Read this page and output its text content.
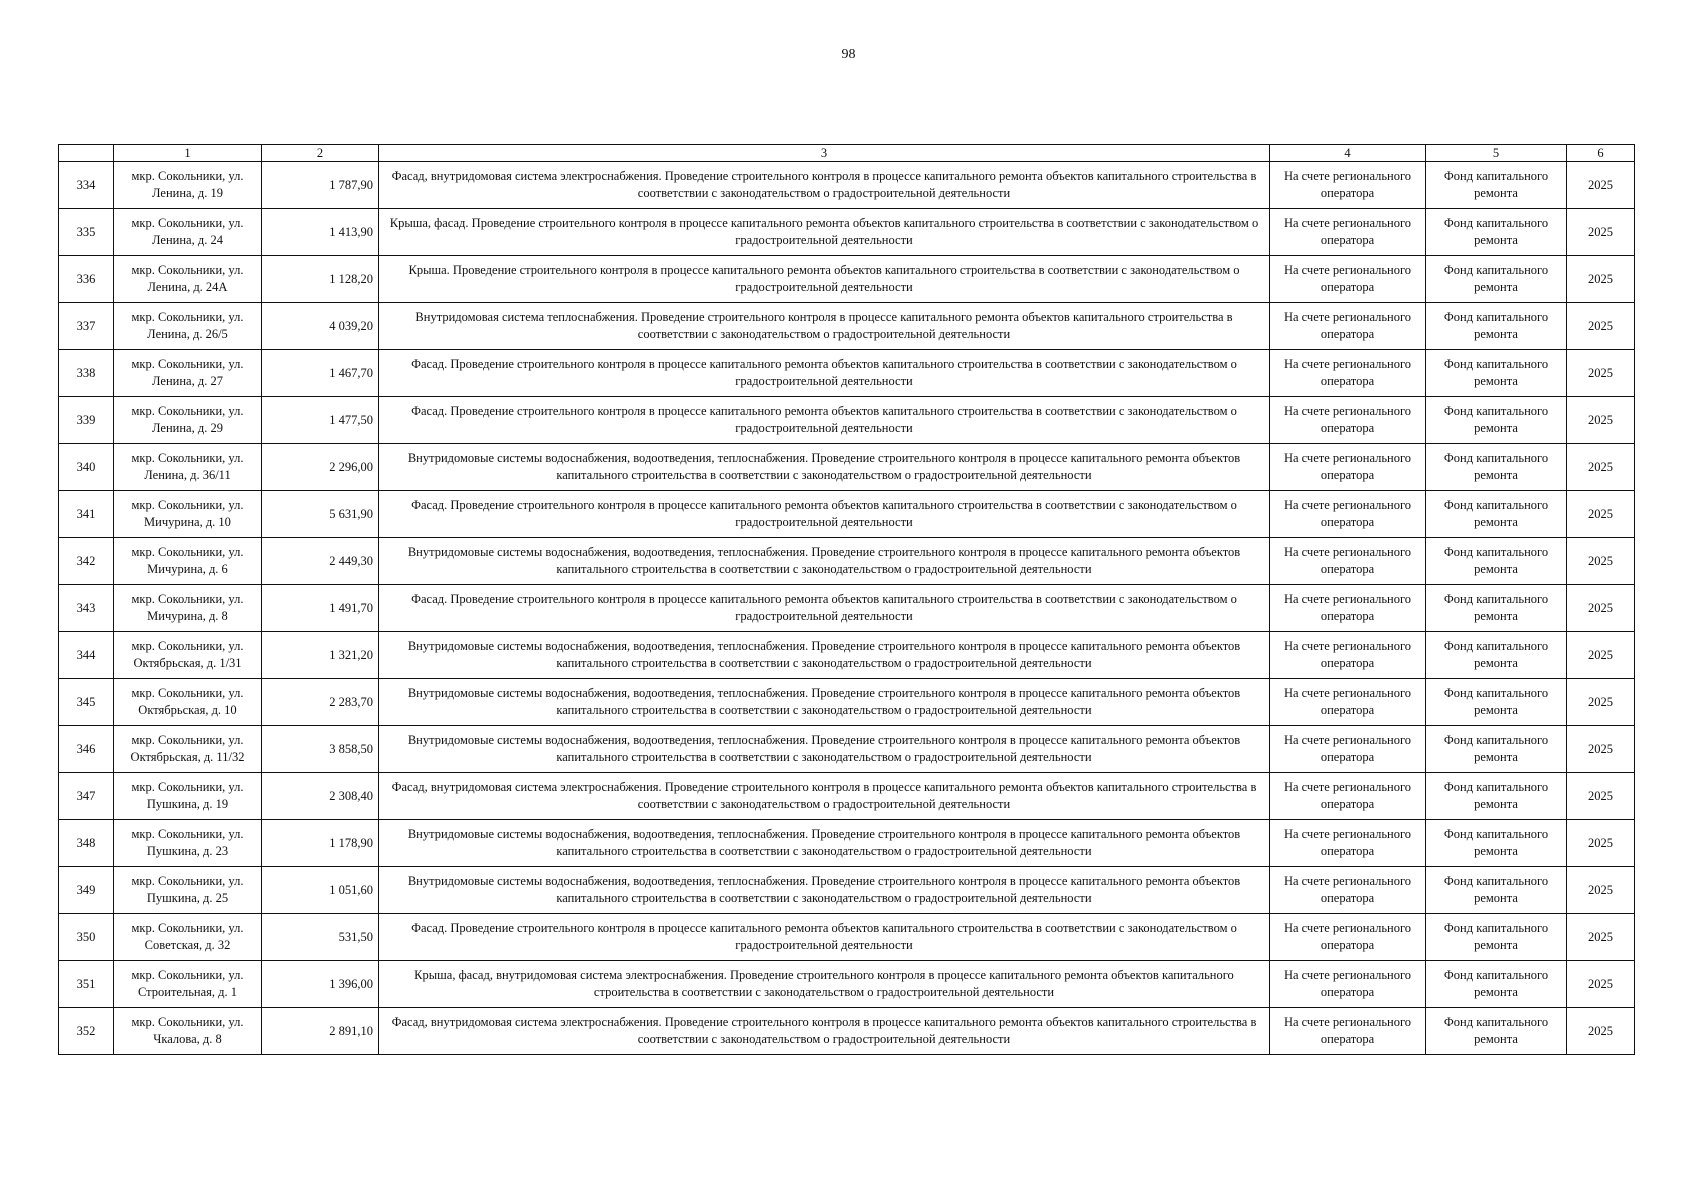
98
	1	2	3	4	5	6
334	мкр. Сокольники, ул. Ленина, д. 19	1 787,90	Фасад, внутридомовая система электроснабжения. Проведение строительного контроля в процессе капитального ремонта объектов капитального строительства в соответствии с законодательством о градостроительной деятельности	На счете регионального оператора	Фонд капитального ремонта	2025
335	мкр. Сокольники, ул. Ленина, д. 24	1 413,90	Крыша, фасад. Проведение строительного контроля в процессе капитального ремонта объектов капитального строительства в соответствии с законодательством о градостроительной деятельности	На счете регионального оператора	Фонд капитального ремонта	2025
336	мкр. Сокольники, ул. Ленина, д. 24А	1 128,20	Крыша. Проведение строительного контроля в процессе капитального ремонта объектов капитального строительства в соответствии с законодательством о градостроительной деятельности	На счете регионального оператора	Фонд капитального ремонта	2025
337	мкр. Сокольники, ул. Ленина, д. 26/5	4 039,20	Внутридомовая система теплоснабжения. Проведение строительного контроля в процессе капитального ремонта объектов капитального строительства в соответствии с законодательством о градостроительной деятельности	На счете регионального оператора	Фонд капитального ремонта	2025
338	мкр. Сокольники, ул. Ленина, д. 27	1 467,70	Фасад. Проведение строительного контроля в процессе капитального ремонта объектов капитального строительства в соответствии с законодательством о градостроительной деятельности	На счете регионального оператора	Фонд капитального ремонта	2025
339	мкр. Сокольники, ул. Ленина, д. 29	1 477,50	Фасад. Проведение строительного контроля в процессе капитального ремонта объектов капитального строительства в соответствии с законодательством о градостроительной деятельности	На счете регионального оператора	Фонд капитального ремонта	2025
340	мкр. Сокольники, ул. Ленина, д. 36/11	2 296,00	Внутридомовые системы водоснабжения, водоотведения, теплоснабжения. Проведение строительного контроля в процессе капитального ремонта объектов капитального строительства в соответствии с законодательством о градостроительной деятельности	На счете регионального оператора	Фонд капитального ремонта	2025
341	мкр. Сокольники, ул. Мичурина, д. 10	5 631,90	Фасад. Проведение строительного контроля в процессе капитального ремонта объектов капитального строительства в соответствии с законодательством о градостроительной деятельности	На счете регионального оператора	Фонд капитального ремонта	2025
342	мкр. Сокольники, ул. Мичурина, д. 6	2 449,30	Внутридомовые системы водоснабжения, водоотведения, теплоснабжения. Проведение строительного контроля в процессе капитального ремонта объектов капитального строительства в соответствии с законодательством о градостроительной деятельности	На счете регионального оператора	Фонд капитального ремонта	2025
343	мкр. Сокольники, ул. Мичурина, д. 8	1 491,70	Фасад. Проведение строительного контроля в процессе капитального ремонта объектов капитального строительства в соответствии с законодательством о градостроительной деятельности	На счете регионального оператора	Фонд капитального ремонта	2025
344	мкр. Сокольники, ул. Октябрьская, д. 1/31	1 321,20	Внутридомовые системы водоснабжения, водоотведения, теплоснабжения. Проведение строительного контроля в процессе капитального ремонта объектов капитального строительства в соответствии с законодательством о градостроительной деятельности	На счете регионального оператора	Фонд капитального ремонта	2025
345	мкр. Сокольники, ул. Октябрьская, д. 10	2 283,70	Внутридомовые системы водоснабжения, водоотведения, теплоснабжения. Проведение строительного контроля в процессе капитального ремонта объектов капитального строительства в соответствии с законодательством о градостроительной деятельности	На счете регионального оператора	Фонд капитального ремонта	2025
346	мкр. Сокольники, ул. Октябрьская, д. 11/32	3 858,50	Внутридомовые системы водоснабжения, водоотведения, теплоснабжения. Проведение строительного контроля в процессе капитального ремонта объектов капитального строительства в соответствии с законодательством о градостроительной деятельности	На счете регионального оператора	Фонд капитального ремонта	2025
347	мкр. Сокольники, ул. Пушкина, д. 19	2 308,40	Фасад, внутридомовая система электроснабжения. Проведение строительного контроля в процессе капитального ремонта объектов капитального строительства в соответствии с законодательством о градостроительной деятельности	На счете регионального оператора	Фонд капитального ремонта	2025
348	мкр. Сокольники, ул. Пушкина, д. 23	1 178,90	Внутридомовые системы водоснабжения, водоотведения, теплоснабжения. Проведение строительного контроля в процессе капитального ремонта объектов капитального строительства в соответствии с законодательством о градостроительной деятельности	На счете регионального оператора	Фонд капитального ремонта	2025
349	мкр. Сокольники, ул. Пушкина, д. 25	1 051,60	Внутридомовые системы водоснабжения, водоотведения, теплоснабжения. Проведение строительного контроля в процессе капитального ремонта объектов капитального строительства в соответствии с законодательством о градостроительной деятельности	На счете регионального оператора	Фонд капитального ремонта	2025
350	мкр. Сокольники, ул. Советская, д. 32	531,50	Фасад. Проведение строительного контроля в процессе капитального ремонта объектов капитального строительства в соответствии с законодательством о градостроительной деятельности	На счете регионального оператора	Фонд капитального ремонта	2025
351	мкр. Сокольники, ул. Строительная, д. 1	1 396,00	Крыша, фасад, внутридомовая система электроснабжения. Проведение строительного контроля в процессе капитального ремонта объектов капитального строительства в соответствии с законодательством о градостроительной деятельности	На счете регионального оператора	Фонд капитального ремонта	2025
352	мкр. Сокольники, ул. Чкалова, д. 8	2 891,10	Фасад, внутридомовая система электроснабжения. Проведение строительного контроля в процессе капитального ремонта объектов капитального строительства в соответствии с законодательством о градостроительной деятельности	На счете регионального оператора	Фонд капитального ремонта	2025
